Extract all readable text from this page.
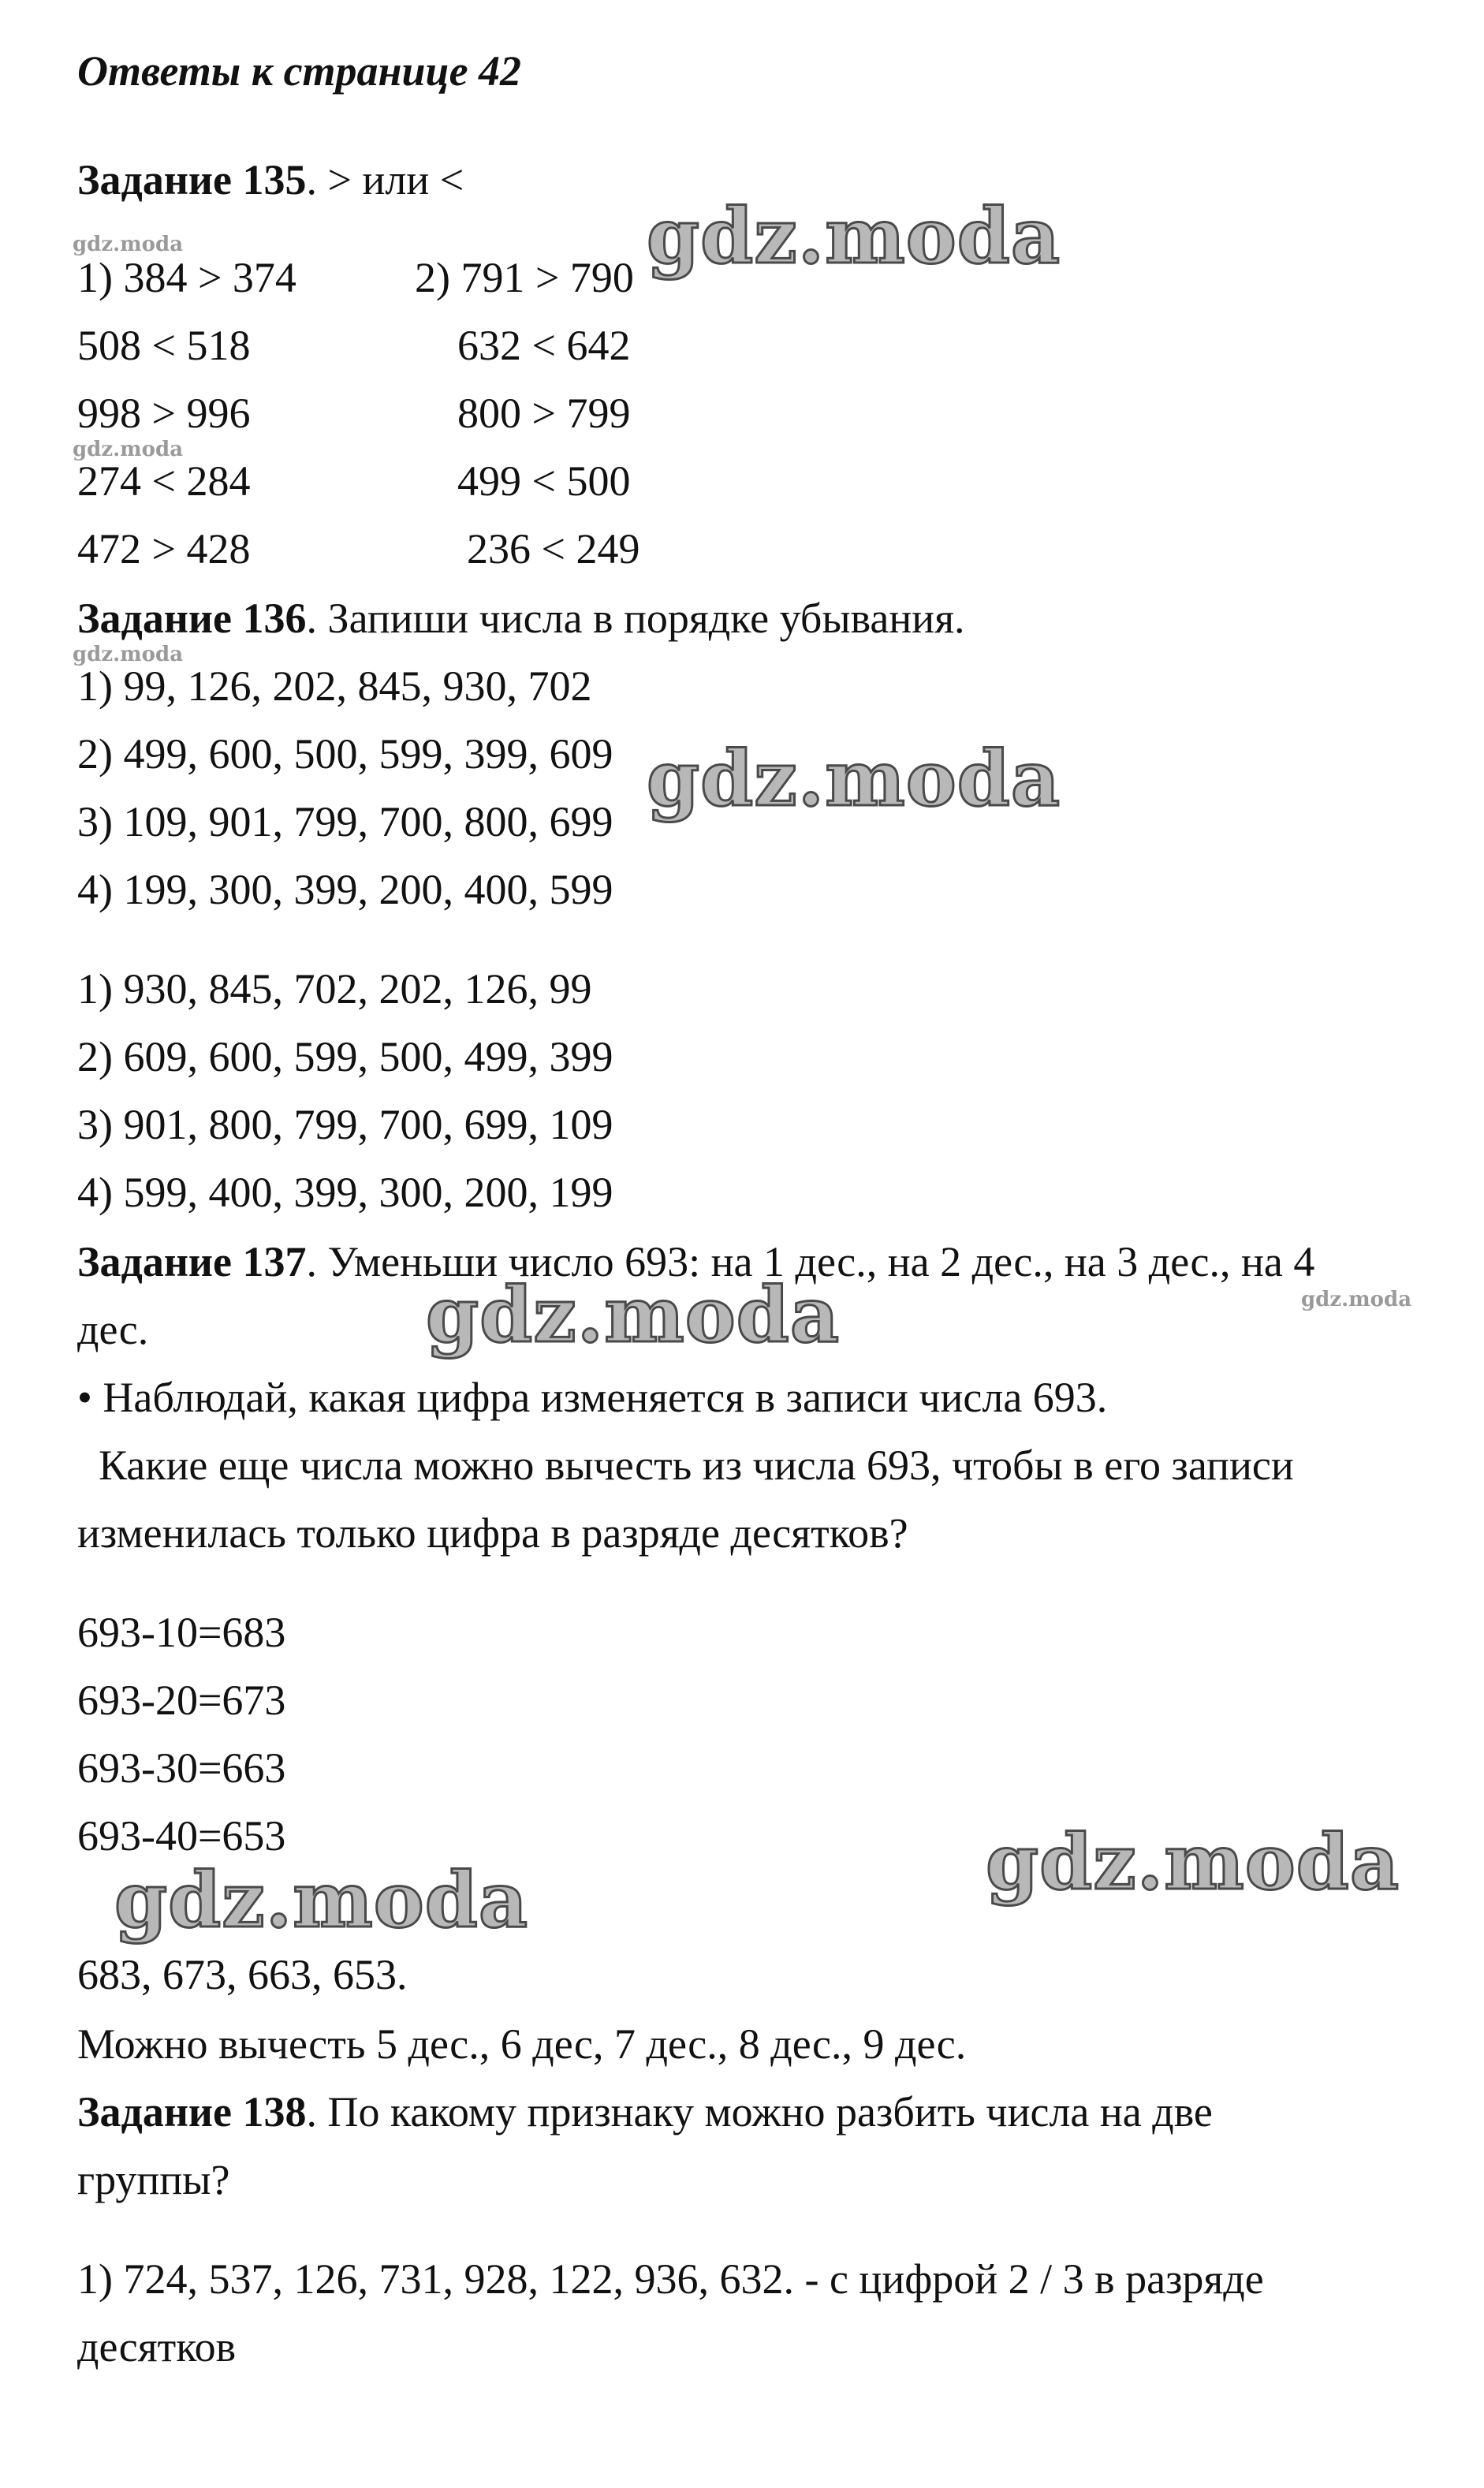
Ответы к странице 42
Задание 135. > или <
1) 384 > 374	2) 791 > 790
508 < 518	632 < 642
998 > 996	800 > 799
274 < 284	499 < 500
472 > 428	236 < 249
Задание 136. Запиши числа в порядке убывания.
1) 99, 126, 202, 845, 930, 702
2) 499, 600, 500, 599, 399, 609
3) 109, 901, 799, 700, 800, 699
4) 199, 300, 399, 200, 400, 599
1) 930, 845, 702, 202, 126, 99
2) 609, 600, 599, 500, 499, 399
3) 901, 800, 799, 700, 699, 109
4) 599, 400, 399, 300, 200, 199
Задание 137. Уменьши число 693: на 1 дес., на 2 дес., на 3 дес., на 4
дес.
• Наблюдай, какая цифра изменяется в записи числа 693.
Какие еще числа можно вычесть из числа 693, чтобы в его записи
изменилась только цифра в разряде десятков?
693-10=683
693-20=673
693-30=663
693-40=653
683, 673, 663, 653.
Можно вычесть 5 дес., 6 дес, 7 дес., 8 дес., 9 дес.
Задание 138. По какому признаку можно разбить числа на две
группы?
1) 724, 537, 126, 731, 928, 122, 936, 632. - с цифрой 2 / 3 в разряде
десятков
gdz.moda
gdz.moda
gdz.moda
gdz.moda	gdz.moda
gdz.moda
gdz.moda
gdz.moda
gdz.moda
